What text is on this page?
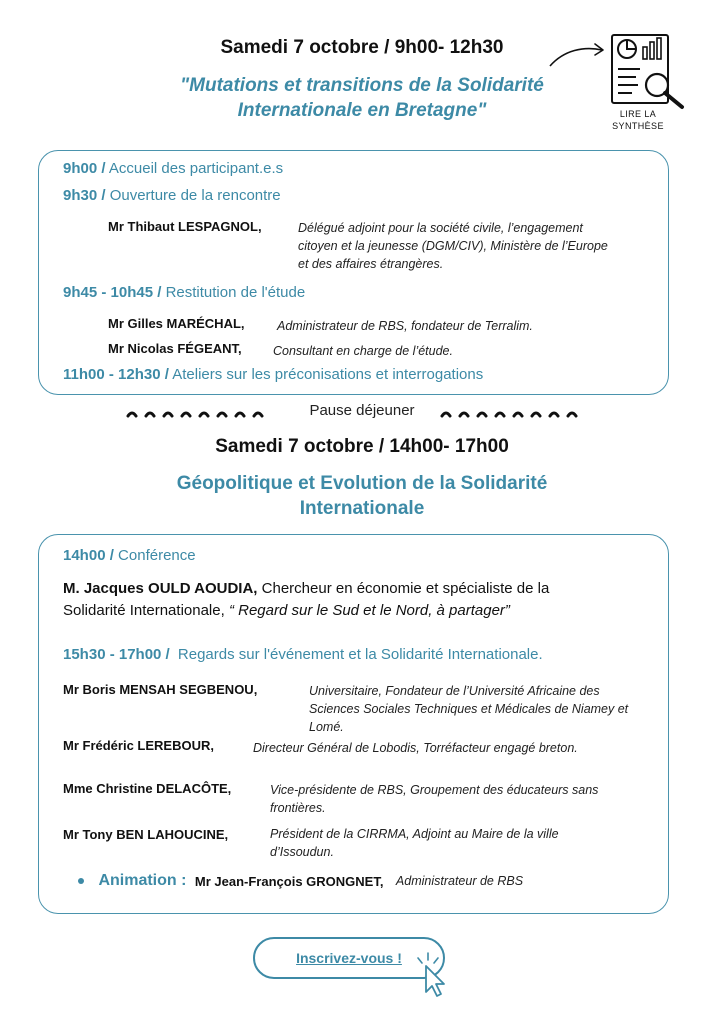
Samedi 7 octobre / 9h00- 12h30
LIRE LA
SYNTHÈSE
"Mutations et transitions de la Solidarité
Internationale en Bretagne"
9h00 / Accueil des participant.e.s
9h30 / Ouverture de la rencontre
Mr Thibaut LESPAGNOL,	Délégué adjoint pour la société civile, l’engagement
citoyen et la jeunesse (DGM/CIV), Ministère de l’Europe
et des affaires étrangères.
9h45 - 10h45 / Restitution de l'étude
Mr Gilles MARÉCHAL,	Administrateur de RBS, fondateur de Terralim.
Mr Nicolas FÉGEANT,	Consultant en charge de l’étude.
11h00 - 12h30 / Ateliers sur les préconisations et interrogations
Pause déjeuner
Samedi 7 octobre / 14h00- 17h00
Géopolitique et Evolution de la Solidarité
Internationale
14h00 / Conférence
M. Jacques OULD AOUDIA, Chercheur en économie et spécialiste de la
Solidarité Internationale, “ Regard sur le Sud et le Nord, à partager”
15h30 - 17h00 / Regards sur l'événement et la Solidarité Internationale.
Mr Boris MENSAH SEGBENOU,	Universitaire, Fondateur de l’Université Africaine des
Sciences Sociales Techniques et Médicales de Niamey et
Lomé.
Mr Frédéric LEREBOUR,	Directeur Général de Lobodis, Torréfacteur engagé breton.
Mme Christine DELACÔTE,	Vice-présidente de RBS, Groupement des éducateurs sans
frontières.
Mr Tony BEN LAHOUCINE,	Président de la CIRRMA, Adjoint au Maire de la ville
d’Issoudun.
Animation : Mr Jean-François GRONGNET, Administrateur de RBS
Inscrivez-vous !
